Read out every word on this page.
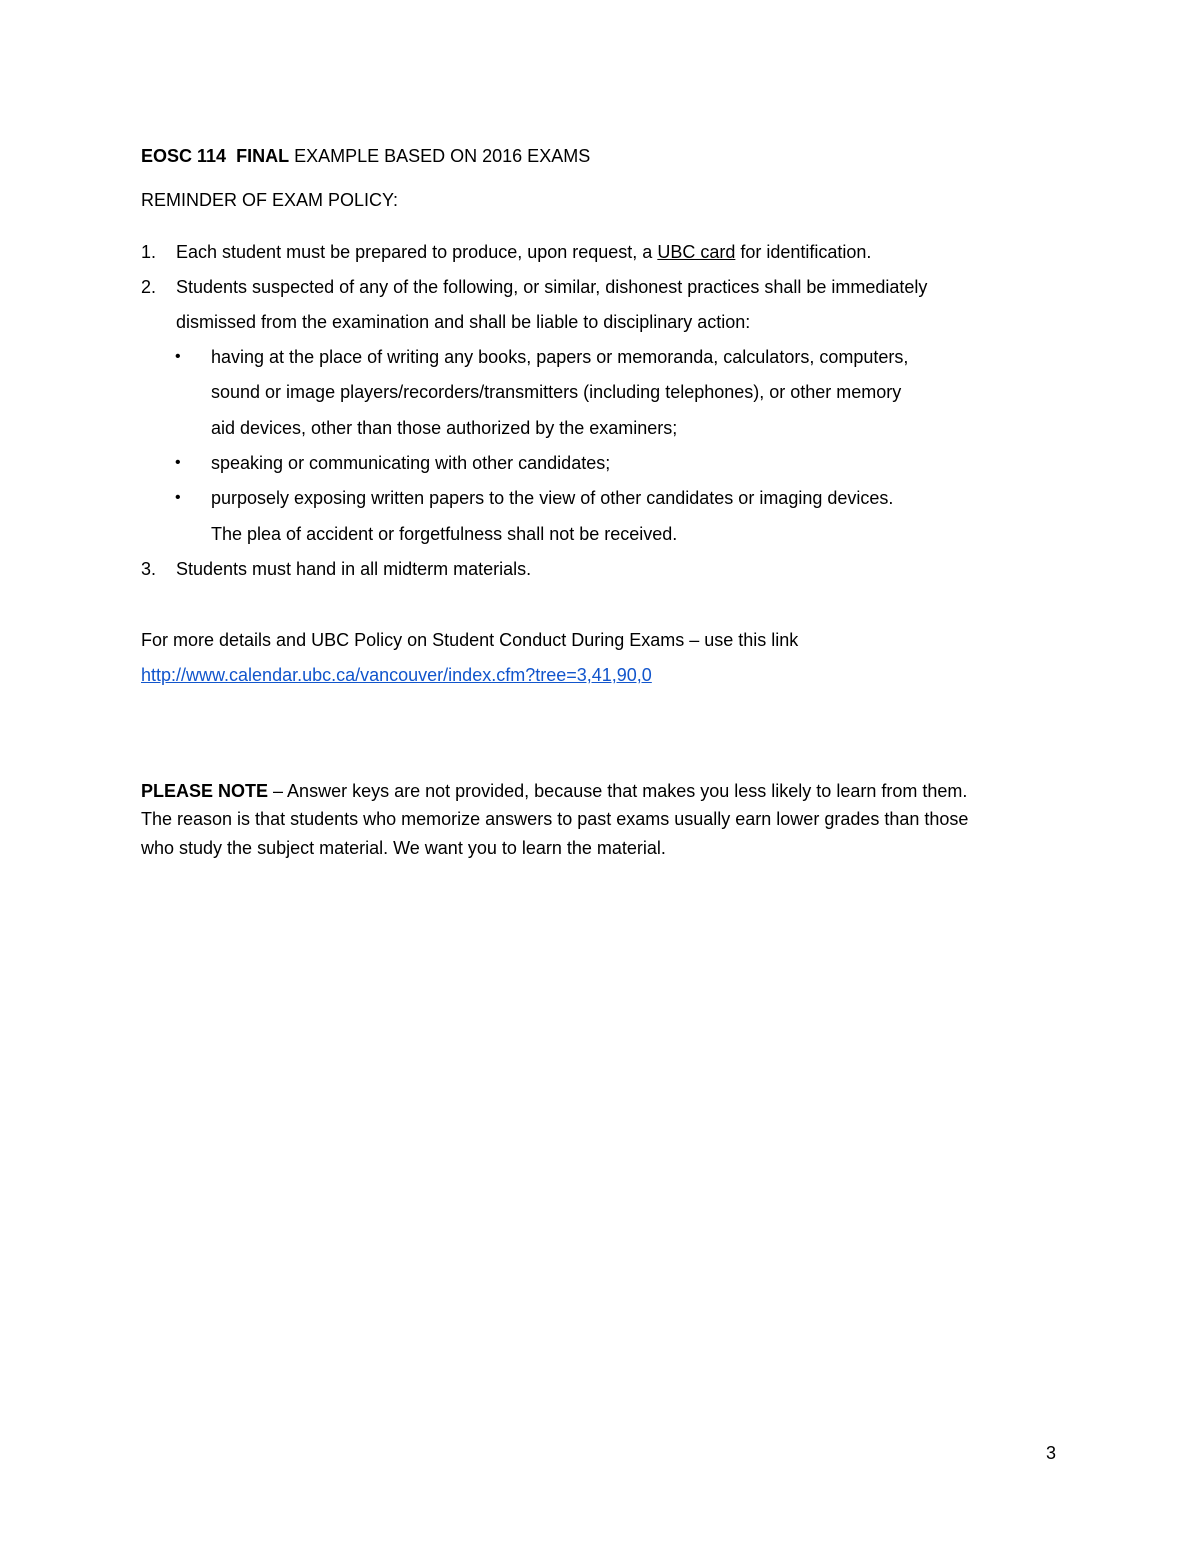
EOSC 114 FINAL EXAMPLE BASED ON 2016 EXAMS
REMINDER OF EXAM POLICY:
1.	Each student must be prepared to produce, upon request, a UBC card for identification.
2.	Students suspected of any of the following, or similar, dishonest practices shall be immediately
dismissed from the examination and shall be liable to disciplinary action:
• having at the place of writing any books, papers or memoranda, calculators, computers,
sound or image players/recorders/transmitters (including telephones), or other memory
aid devices, other than those authorized by the examiners;
• speaking or communicating with other candidates;
• purposely exposing written papers to the view of other candidates or imaging devices.
The plea of accident or forgetfulness shall not be received.
3.	Students must hand in all midterm materials.
For more details and UBC Policy on Student Conduct During Exams – use this link
http://www.calendar.ubc.ca/vancouver/index.cfm?tree=3,41,90,0
PLEASE NOTE – Answer keys are not provided, because that makes you less likely to learn from them.
The reason is that students who memorize answers to past exams usually earn lower grades than those
who study the subject material. We want you to learn the material.
3
